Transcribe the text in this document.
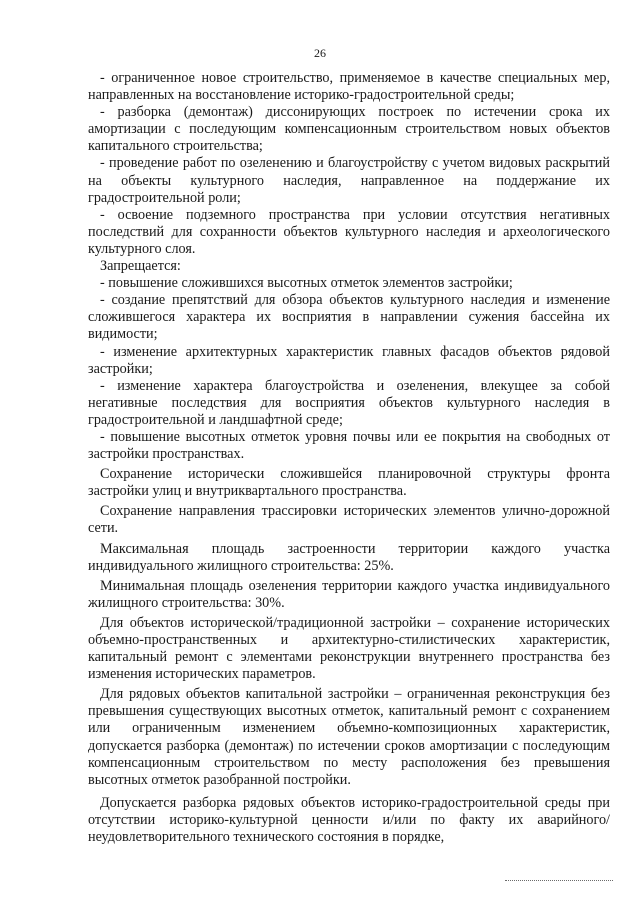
26

- ограниченное новое строительство, применяемое в качестве специальных мер, направленных на восстановление историко-градостроительной среды;

- разборка (демонтаж) диссонирующих построек по истечении срока их амортизации с последующим компенсационным строительством новых объектов капитального строительства;

- проведение работ по озеленению и благоустройству с учетом видовых раскрытий на объекты культурного наследия, направленное на поддержание их градостроительной роли;

- освоение подземного пространства при условии отсутствия негативных последствий для сохранности объектов культурного наследия и археологического культурного слоя.

Запрещается:

- повышение сложившихся высотных отметок элементов застройки;

- создание препятствий для обзора объектов культурного наследия и изменение сложившегося характера их восприятия в направлении сужения бассейна их видимости;

- изменение архитектурных характеристик главных фасадов объектов рядовой застройки;

- изменение характера благоустройства и озеленения, влекущее за собой негативные последствия для восприятия объектов культурного наследия в градостроительной и ландшафтной среде;

- повышение высотных отметок уровня почвы или ее покрытия на свободных от застройки пространствах.

Сохранение исторически сложившейся планировочной структуры фронта застройки улиц и внутриквартального пространства.

Сохранение направления трассировки исторических элементов улично-дорожной сети.

Максимальная площадь застроенности территории каждого участка индивидуального жилищного строительства: 25%.

Минимальная площадь озеленения территории каждого участка индивидуального жилищного строительства: 30%.

Для объектов исторической/традиционной застройки – сохранение исторических объемно-пространственных и архитектурно-стилистических характеристик, капитальный ремонт с элементами реконструкции внутреннего пространства без изменения исторических параметров.

Для рядовых объектов капитальной застройки – ограниченная реконструкция без превышения существующих высотных отметок, капитальный ремонт с сохранением или ограниченным изменением объемно-композиционных характеристик, допускается разборка (демонтаж) по истечении сроков амортизации с последующим компенсационным строительством по месту расположения без превышения высотных отметок разобранной постройки.

Допускается разборка рядовых объектов историко-градостроительной среды при отсутствии историко-культурной ценности и/или по факту их аварийного/неудовлетворительного технического состояния в порядке,
